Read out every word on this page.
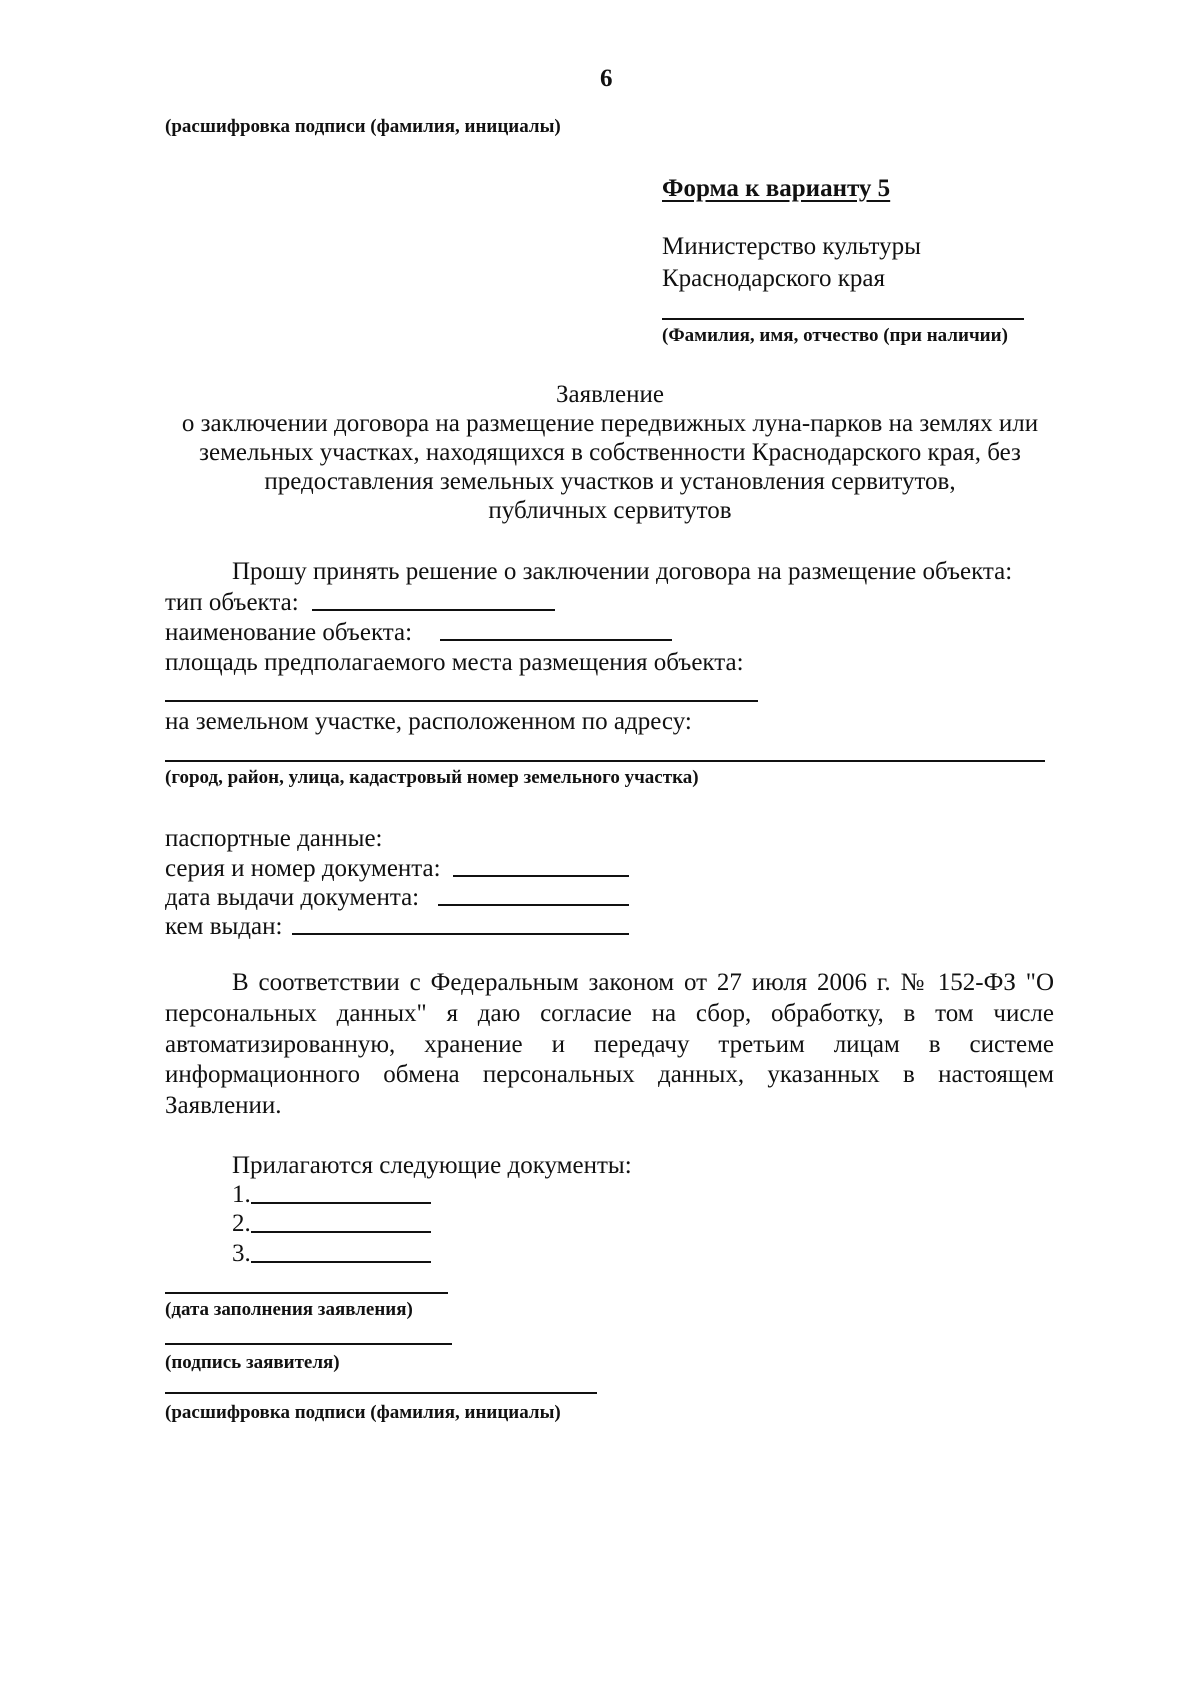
6
(расшифровка подписи (фамилия, инициалы)
Форма к варианту 5
Министерство культуры
Краснодарского края
(Фамилия, имя, отчество (при наличии)
Заявление
о заключении договора на размещение передвижных луна-парков на землях или
земельных участках, находящихся в собственности Краснодарского края, без
предоставления земельных участков и установления сервитутов,
публичных сервитутов
Прошу принять решение о заключении договора на размещение объекта:
тип объекта:
наименование объекта:
площадь предполагаемого места размещения объекта:
на земельном участке, расположенном по адресу:
(город, район, улица, кадастровый номер земельного участка)
паспортные данные:
серия и номер документа:
дата выдачи документа:
кем выдан:
В соответствии с Федеральным законом от 27 июля 2006 г. № 152-ФЗ "О
персональных данных" я даю согласие на сбор, обработку, в том числе
автоматизированную, хранение и передачу третьим лицам в системе
информационного обмена персональных данных, указанных в настоящем
Заявлении.
Прилагаются следующие документы:
1.
2.
3.
(дата заполнения заявления)
(подпись заявителя)
(расшифровка подписи (фамилия, инициалы)
